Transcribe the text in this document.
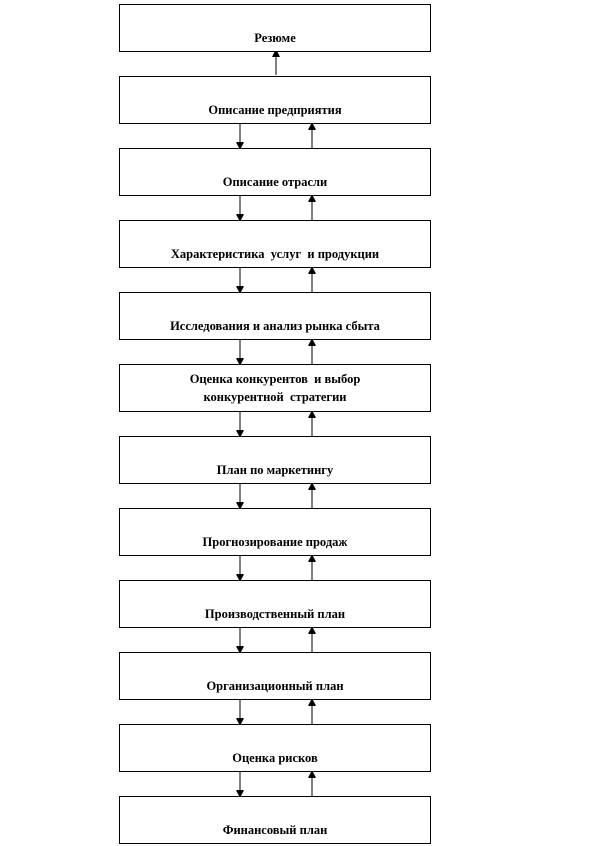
Резюме
Описание предприятия
Описание отрасли
Характеристика  услуг  и продукции
Исследования и анализ рынка сбыта
Оценка конкурентов  и выбор
конкурентной  стратегии
План по маркетингу
Прогнозирование продаж
Производственный план
Организационный план
Оценка рисков
Финансовый план
